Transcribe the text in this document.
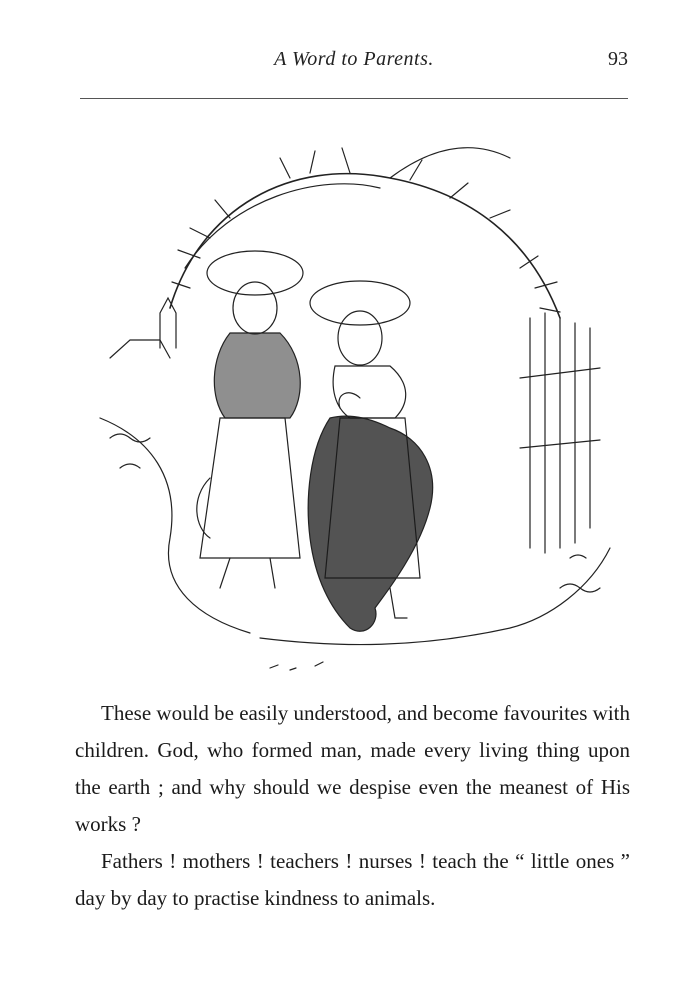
A Word to Parents.	93

These would be easily understood, and become favourites with children. God, who formed man, made every living thing upon the earth ; and why should we despise even the meanest of His works ?

Fathers ! mothers ! teachers ! nurses ! teach the “ little ones ” day by day to practise kindness to animals.
